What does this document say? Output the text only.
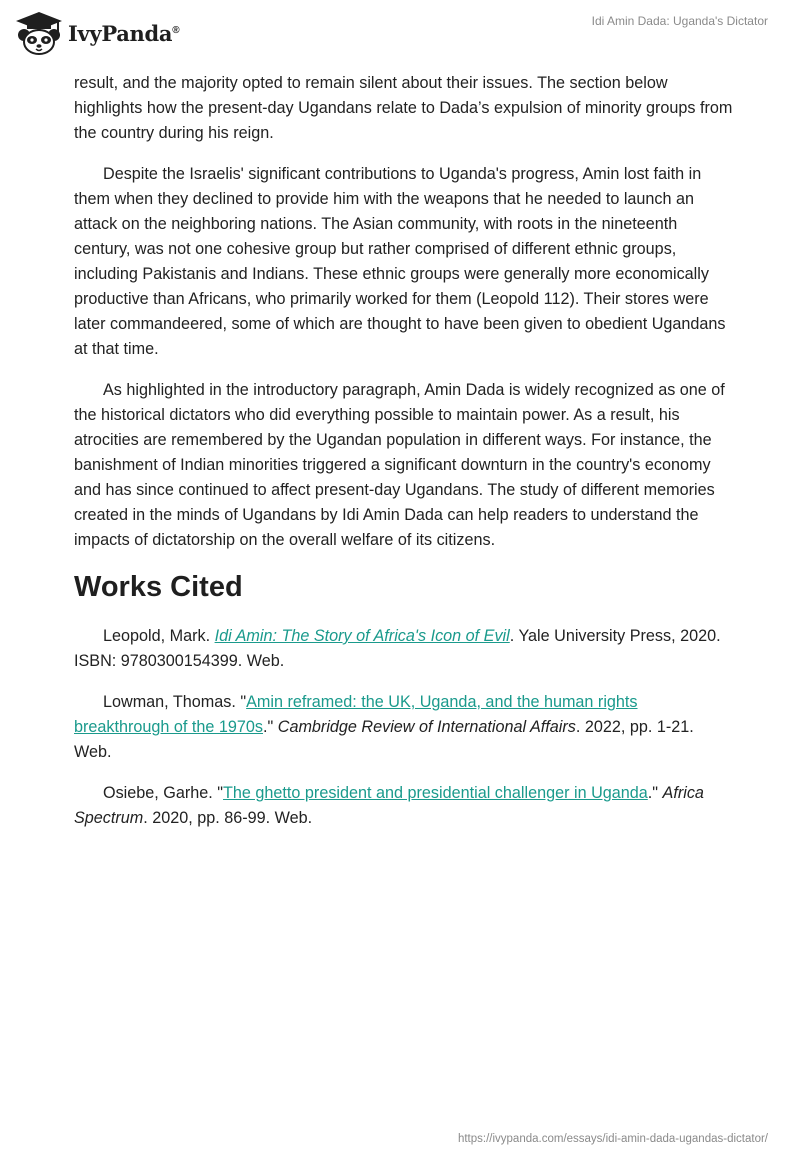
IvyPanda®
Idi Amin Dada: Uganda's Dictator

result, and the majority opted to remain silent about their issues. The section below highlights how the present-day Ugandans relate to Dada’s expulsion of minority groups from the country during his reign.

Despite the Israelis' significant contributions to Uganda's progress, Amin lost faith in them when they declined to provide him with the weapons that he needed to launch an attack on the neighboring nations. The Asian community, with roots in the nineteenth century, was not one cohesive group but rather comprised of different ethnic groups, including Pakistanis and Indians. These ethnic groups were generally more economically productive than Africans, who primarily worked for them (Leopold 112). Their stores were later commandeered, some of which are thought to have been given to obedient Ugandans at that time.

As highlighted in the introductory paragraph, Amin Dada is widely recognized as one of the historical dictators who did everything possible to maintain power. As a result, his atrocities are remembered by the Ugandan population in different ways. For instance, the banishment of Indian minorities triggered a significant downturn in the country's economy and has since continued to affect present-day Ugandans. The study of different memories created in the minds of Ugandans by Idi Amin Dada can help readers to understand the impacts of dictatorship on the overall welfare of its citizens.

Works Cited

Leopold, Mark. Idi Amin: The Story of Africa's Icon of Evil. Yale University Press, 2020. ISBN: 9780300154399. Web.

Lowman, Thomas. "Amin reframed: the UK, Uganda, and the human rights breakthrough of the 1970s." Cambridge Review of International Affairs. 2022, pp. 1-21. Web.

Osiebe, Garhe. "The ghetto president and presidential challenger in Uganda." Africa Spectrum. 2020, pp. 86-99. Web.

https://ivypanda.com/essays/idi-amin-dada-ugandas-dictator/
